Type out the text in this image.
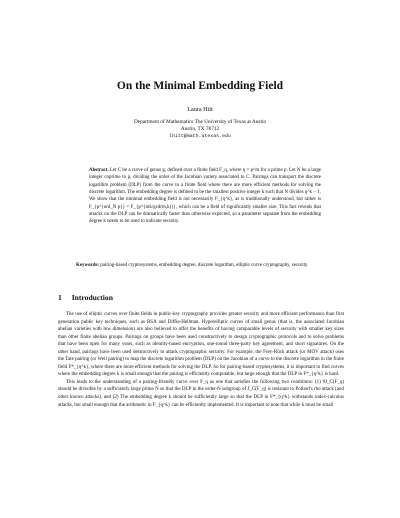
On the Minimal Embedding Field
Laura Hitt
Department of Mathematics The University of Texas at Austin
Austin, TX 78712
lhitt@math.utexas.edu
Abstract. Let C be a curve of genus g, defined over a finite field F_q, where q = p^m for a prime p. Let N be a large integer coprime to p, dividing the order of the Jacobian variety associated to C. Pairings can transport the discrete logarithm problem (DLP) from the curve to a finite field where there are more efficient methods for solving the discrete logarithm. The embedding degree is defined to be the smallest positive integer k such that N divides q^k − 1. We show that the minimal embedding field is not necessarily F_{q^k}, as is traditionally understood, but rather is F_{p^{ord_N p}} = F_{p^{mk/gcd(m,k)}}, which can be a field of significantly smaller size. This fact reveals that attacks on the DLP can be dramatically faster than otherwise expected, so a parameter separate from the embedding degree k needs to be used to indicate security.
Keywords: pairing-based cryptosystems, embedding degree, discrete logarithm, elliptic curve cryptography, security.
1 Introduction

The use of elliptic curves over finite fields in public-key cryptography provides greater security and more efficient performance than first generation public key techniques, such as RSA and Diffie-Hellman. Hyperelliptic curves of small genus (that is, the associated Jacobian abelian varieties with low dimension) are also believed to offer the benefits of having comparable levels of security with smaller key sizes than other finite abelian groups. Pairings on groups have been used constructively to design cryptographic protocols and to solve problems that have been open for many years, such as identity-based encryption, one-round three-party key agreement, and short signatures. On the other hand, pairings have been used destructively to attack cryptographic security. For example, the Frey-Rück attack (or MOV attack) uses the Tate pairing (or Weil pairing) to map the discrete logarithm problem (DLP) on the Jacobian of a curve to the discrete logarithm in the finite field F*_{q^k}, where there are more efficient methods for solving the DLP. So for pairing-based cryptosystems, it is important to find curves where the embedding degree k is small enough that the pairing is efficiently computable, but large enough that the DLP in F*_{q^k} is hard.

This leads to the understanding of a pairing-friendly curve over F_q as one that satisfies the following two conditions: (1) #J_C(F_q) should be divisible by a sufficiently large prime N so that the DLP in the order-N subgroup of J_C(F_q) is resistant to Pollard's rho attack (and other known attacks), and (2) The embedding degree k should be sufficiently large so that the DLP in F*_{q^k} withstands index-calculus attacks, but small enough that the arithmetic in F_{q^k} can be efficiently implemented. It is important to note that while k must be small
